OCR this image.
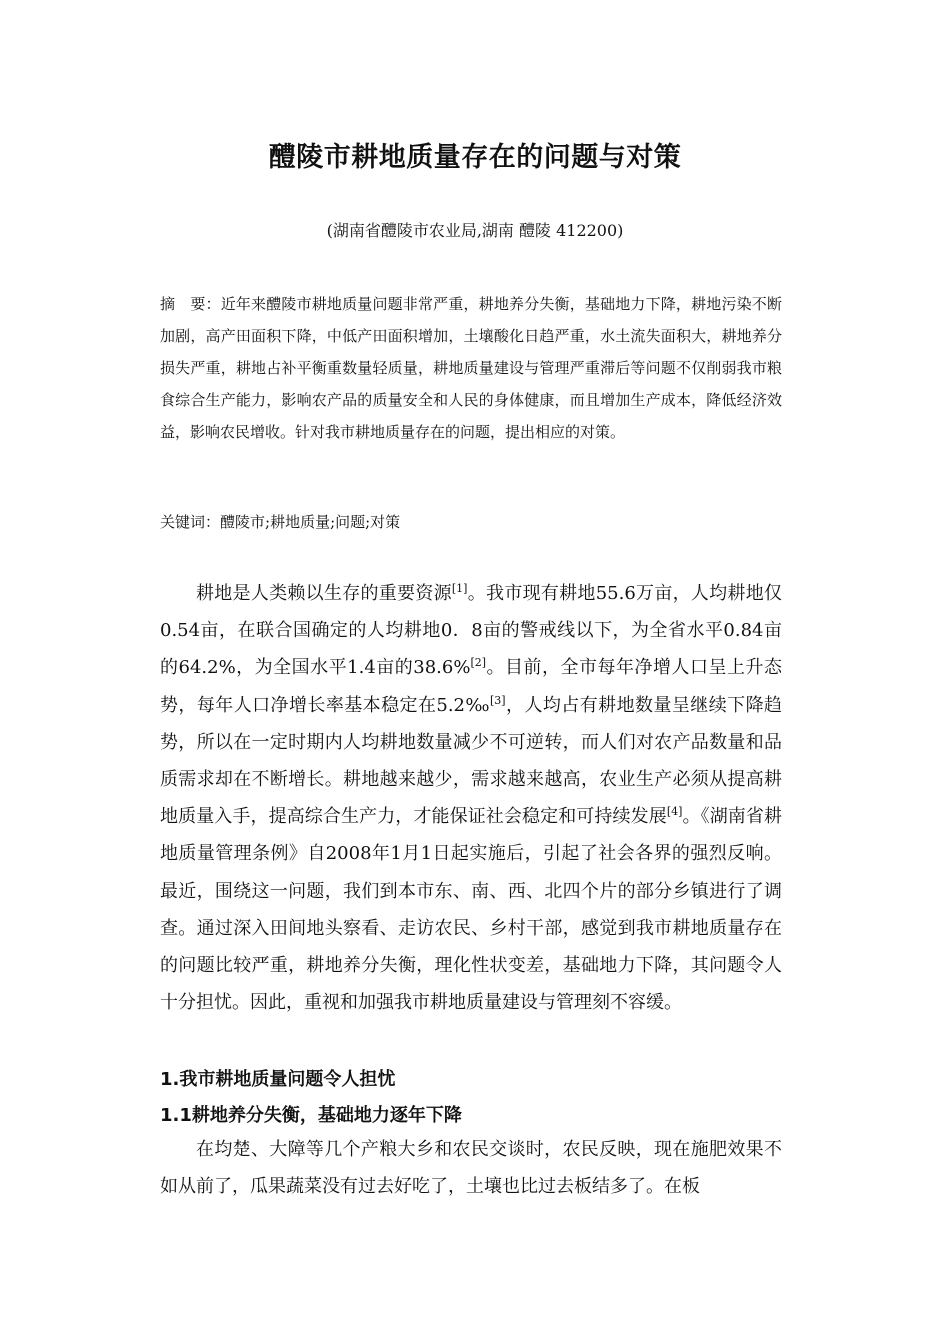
醴陵市耕地质量存在的问题与对策
(湖南省醴陵市农业局,湖南 醴陵 412200)
摘　要：近年来醴陵市耕地质量问题非常严重，耕地养分失衡，基础地力下降，耕地污染不断加剧，高产田面积下降，中低产田面积增加，土壤酸化日趋严重，水土流失面积大，耕地养分损失严重，耕地占补平衡重数量轻质量，耕地质量建设与管理严重滞后等问题不仅削弱我市粮食综合生产能力，影响农产品的质量安全和人民的身体健康，而且增加生产成本，降低经济效益，影响农民增收。针对我市耕地质量存在的问题，提出相应的对策。
关键词：醴陵市;耕地质量;问题;对策

耕地是人类赖以生存的重要资源[1]。我市现有耕地55.6万亩，人均耕地仅0.54亩，在联合国确定的人均耕地0．8亩的警戒线以下，为全省水平0.84亩的64.2%，为全国水平1.4亩的38.6%[2]。目前，全市每年净增人口呈上升态势，每年人口净增长率基本稳定在5.2‰[3]，人均占有耕地数量呈继续下降趋势，所以在一定时期内人均耕地数量减少不可逆转，而人们对农产品数量和品质需求却在不断增长。耕地越来越少，需求越来越高，农业生产必须从提高耕地质量入手，提高综合生产力，才能保证社会稳定和可持续发展[4]。《湖南省耕地质量管理条例》自2008年1月1日起实施后，引起了社会各界的强烈反响。最近，围绕这一问题，我们到本市东、南、西、北四个片的部分乡镇进行了调查。通过深入田间地头察看、走访农民、乡村干部，感觉到我市耕地质量存在的问题比较严重，耕地养分失衡，理化性状变差，基础地力下降，其问题令人十分担忧。因此，重视和加强我市耕地质量建设与管理刻不容缓。

1.我市耕地质量问题令人担忧
1.1耕地养分失衡，基础地力逐年下降

在均楚、大障等几个产粮大乡和农民交谈时，农民反映，现在施肥效果不如从前了，瓜果蔬菜没有过去好吃了，土壤也比过去板结多了。在板
